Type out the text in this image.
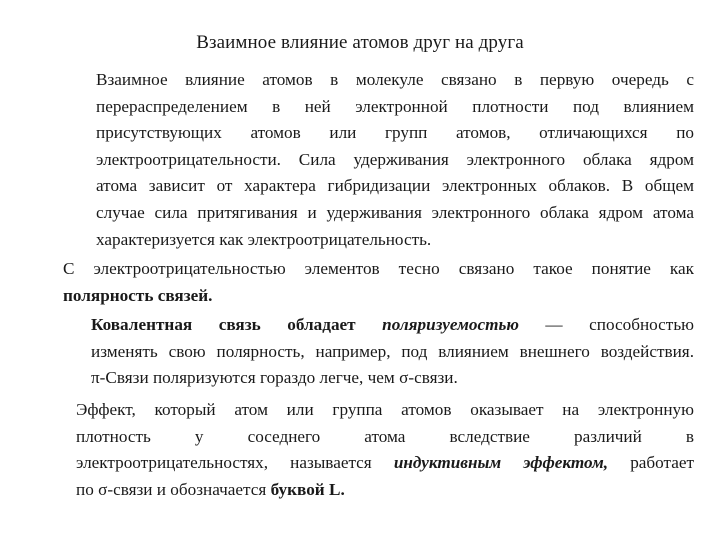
Взаимное влияние атомов друг на друга
Взаимное влияние атомов в молекуле связано в первую очередь с
перераспределением в ней электронной плотности под влиянием
присутствующих атомов или групп атомов, отличающихся по
электроотрицательности. Сила удерживания электронного облака ядром
атома зависит от характера гибридизации электронных облаков. В общем
случае сила притягивания и удерживания электронного облака ядром атома
характеризуется как электроотрицательность.
С электроотрицательностью элементов тесно связано такое понятие как
полярность связей.
Ковалентная связь обладает поляризуемостью — способностью
изменять свою полярность, например, под влиянием внешнего воздействия.
π-Связи поляризуются гораздо легче, чем σ-связи.
Эффект, который атом или группа атомов оказывает на электронную
плотность у соседнего атома вследствие различий в
электроотрицательностях, называется индуктивным эффектом, работает
по σ-связи и обозначается буквой L.
